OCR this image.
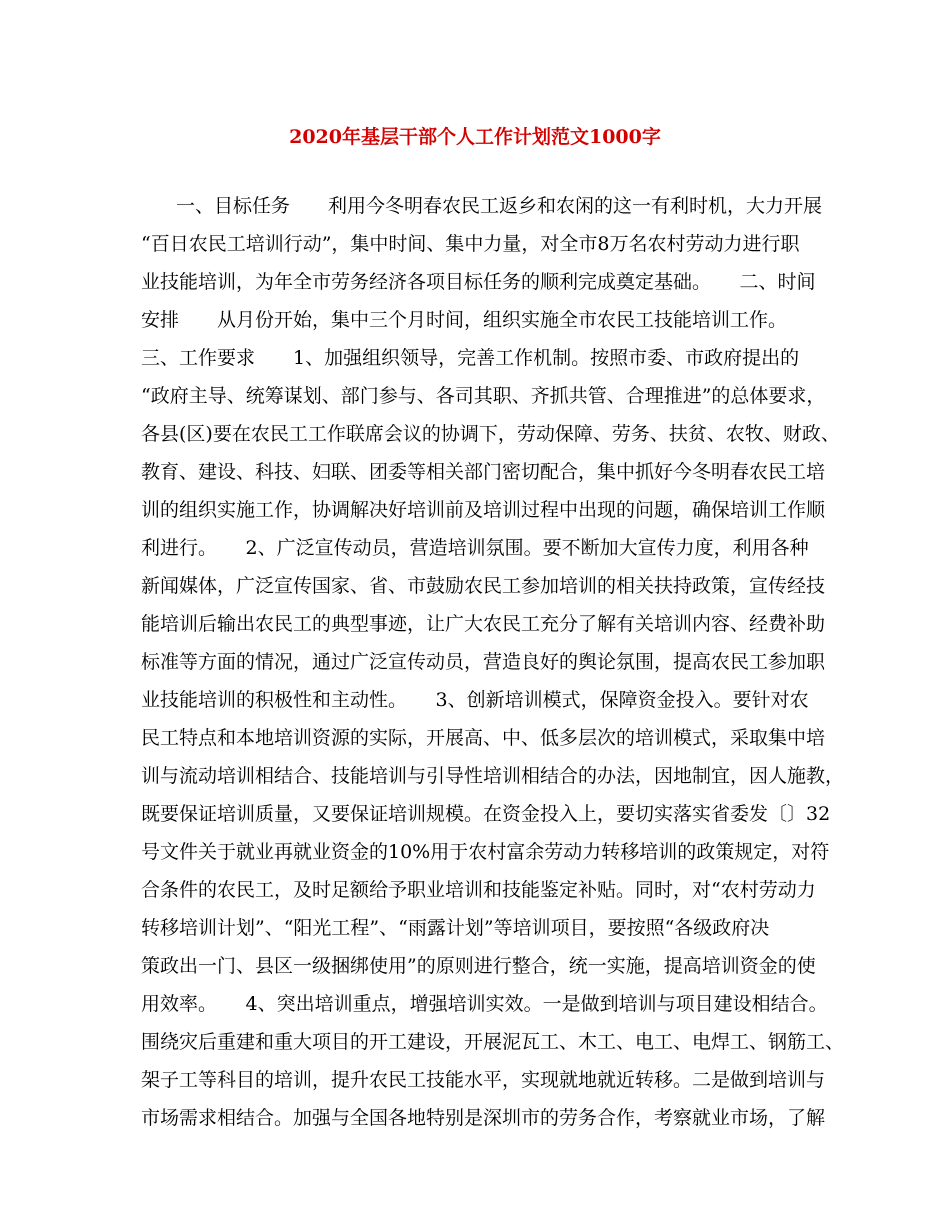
2020年基层干部个人工作计划范文1000字
一、目标任务　　利用今冬明春农民工返乡和农闲的这一有利时机，大力开展
“百日农民工培训行动”，集中时间、集中力量，对全市8万名农村劳动力进行职
业技能培训，为年全市劳务经济各项目标任务的顺利完成奠定基础。　　二、时间
安排　　从月份开始，集中三个月时间，组织实施全市农民工技能培训工作。
三、工作要求　　1、加强组织领导，完善工作机制。按照市委、市政府提出的
“政府主导、统筹谋划、部门参与、各司其职、齐抓共管、合理推进”的总体要求，
各县(区)要在农民工工作联席会议的协调下，劳动保障、劳务、扶贫、农牧、财政、
教育、建设、科技、妇联、团委等相关部门密切配合，集中抓好今冬明春农民工培
训的组织实施工作，协调解决好培训前及培训过程中出现的问题，确保培训工作顺
利进行。　　2、广泛宣传动员，营造培训氛围。要不断加大宣传力度，利用各种
新闻媒体，广泛宣传国家、省、市鼓励农民工参加培训的相关扶持政策，宣传经技
能培训后输出农民工的典型事迹，让广大农民工充分了解有关培训内容、经费补助
标准等方面的情况，通过广泛宣传动员，营造良好的舆论氛围，提高农民工参加职
业技能培训的积极性和主动性。　　3、创新培训模式，保障资金投入。要针对农
民工特点和本地培训资源的实际，开展高、中、低多层次的培训模式，采取集中培
训与流动培训相结合、技能培训与引导性培训相结合的办法，因地制宜，因人施教，
既要保证培训质量，又要保证培训规模。在资金投入上，要切实落实省委发〔〕32
号文件关于就业再就业资金的10%用于农村富余劳动力转移培训的政策规定，对符
合条件的农民工，及时足额给予职业培训和技能鉴定补贴。同时，对“农村劳动力
转移培训计划”、“阳光工程”、“雨露计划”等培训项目，要按照“各级政府决
策政出一门、县区一级捆绑使用”的原则进行整合，统一实施，提高培训资金的使
用效率。　　4、突出培训重点，增强培训实效。一是做到培训与项目建设相结合。
围绕灾后重建和重大项目的开工建设，开展泥瓦工、木工、电工、电焊工、钢筋工、
架子工等科目的培训，提升农民工技能水平，实现就地就近转移。二是做到培训与
市场需求相结合。加强与全国各地特别是深圳市的劳务合作，考察就业市场，了解
